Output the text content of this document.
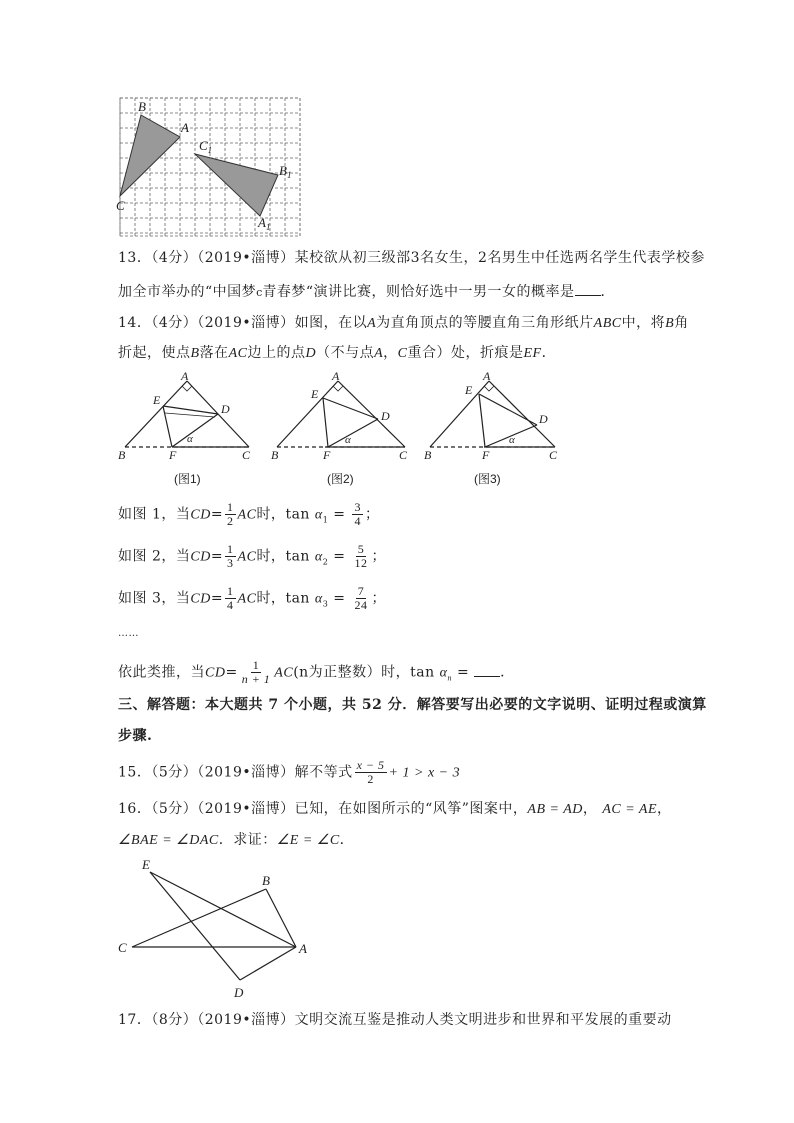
B
A
C
$C_1$
$B_1$
$A_1$
13．（4分）（2019•淄博）某校欲从初三级部3名女生，2名男生中任选两名学生代表学校参
加全市举办的“中国梦c青春梦“演讲比赛，则恰好选中一男一女的概率是 ．
14．（4分）（2019•淄博）如图，在以A为直角顶点的等腰直角三角形纸片ABC中，将B角
折起，使点B落在AC边上的点D（不与点A，C重合）处，折痕是EF．
A
E
D
B	F	C
α
(图1)
A
E
D
B	F	C
α
(图2)
A
E
D
B	F	C
α
(图3)
如图 1，当$CD= \frac{1}{2}$ AC时，$\tan \alpha_1 = \frac{3}{4}$ ；
如图 2，当$CD= \frac{1}{3}$ AC时，$\tan \alpha_2 = \frac{5}{12}$ ；
如图 3，当$CD= \frac{1}{4}$ AC时，$\tan \alpha_3 = \frac{7}{24}$ ；
……
依此类推，当$CD= \frac{1}{n + 1} AC(n$为正整数）时，$\tan \alpha_n$ = ．
三、解答题：本大题共 7 个小题，共 52 分．解答要写出必要的文字说明、证明过程或演算
步骤.
15．（5分）（2019•淄博）解不等式 $\frac{x - 5}{2} + 1 > x - 3$
16．（5分）（2019•淄博）已知，在如图所示的“风筝”图案中，AB = AD， AC = AE，
∠BAE = ∠DAC．求证：∠E = ∠C．
E
B
C	A
D
17．（8分）（2019•淄博）文明交流互鉴是推动人类文明进步和世界和平发展的重要动
